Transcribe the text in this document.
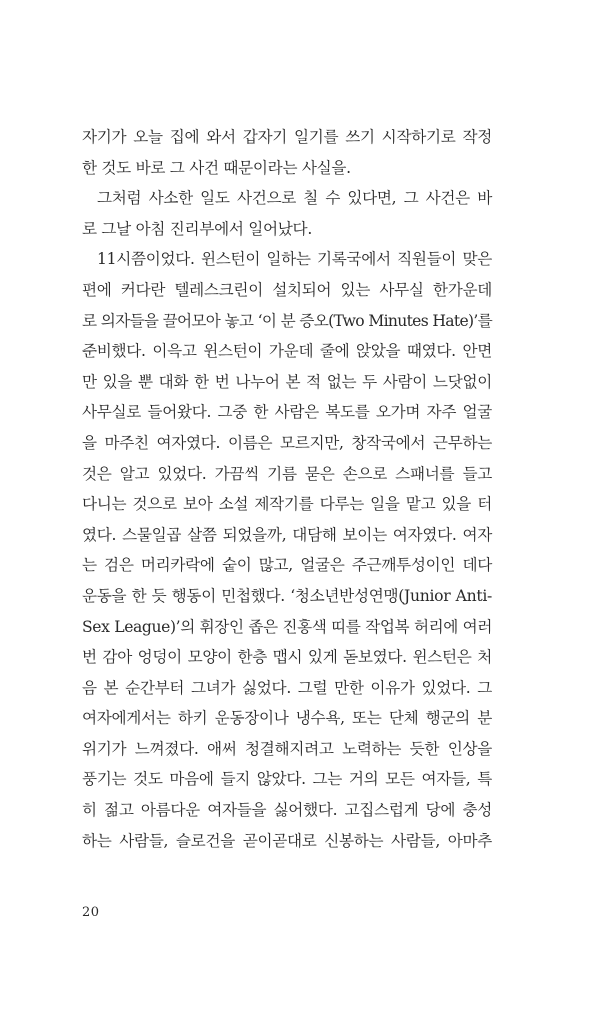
자기가 오늘 집에 와서 갑자기 일기를 쓰기 시작하기로 작정
한 것도 바로 그 사건 때문이라는 사실을.
그처럼 사소한 일도 사건으로 칠 수 있다면, 그 사건은 바
로 그날 아침 진리부에서 일어났다.
11시쯤이었다. 윈스턴이 일하는 기록국에서 직원들이 맞은
편에 커다란 텔레스크린이 설치되어 있는 사무실 한가운데
로 의자들을 끌어모아 놓고 ‘이 분 증오(Two Minutes Hate)’를
준비했다. 이윽고 윈스턴이 가운데 줄에 앉았을 때였다. 안면
만 있을 뿐 대화 한 번 나누어 본 적 없는 두 사람이 느닷없이
사무실로 들어왔다. 그중 한 사람은 복도를 오가며 자주 얼굴
을 마주친 여자였다. 이름은 모르지만, 창작국에서 근무하는
것은 알고 있었다. 가끔씩 기름 묻은 손으로 스패너를 들고
다니는 것으로 보아 소설 제작기를 다루는 일을 맡고 있을 터
였다. 스물일곱 살쯤 되었을까, 대담해 보이는 여자였다. 여자
는 검은 머리카락에 숱이 많고, 얼굴은 주근깨투성이인 데다
운동을 한 듯 행동이 민첩했다. ‘청소년반성연맹(Junior Anti-
Sex League)’의 휘장인 좁은 진홍색 띠를 작업복 허리에 여러
번 감아 엉덩이 모양이 한층 맵시 있게 돋보였다. 윈스턴은 처
음 본 순간부터 그녀가 싫었다. 그럴 만한 이유가 있었다. 그
여자에게서는 하키 운동장이나 냉수욕, 또는 단체 행군의 분
위기가 느껴졌다. 애써 청결해지려고 노력하는 듯한 인상을
풍기는 것도 마음에 들지 않았다. 그는 거의 모든 여자들, 특
히 젊고 아름다운 여자들을 싫어했다. 고집스럽게 당에 충성
하는 사람들, 슬로건을 곧이곧대로 신봉하는 사람들, 아마추
20
